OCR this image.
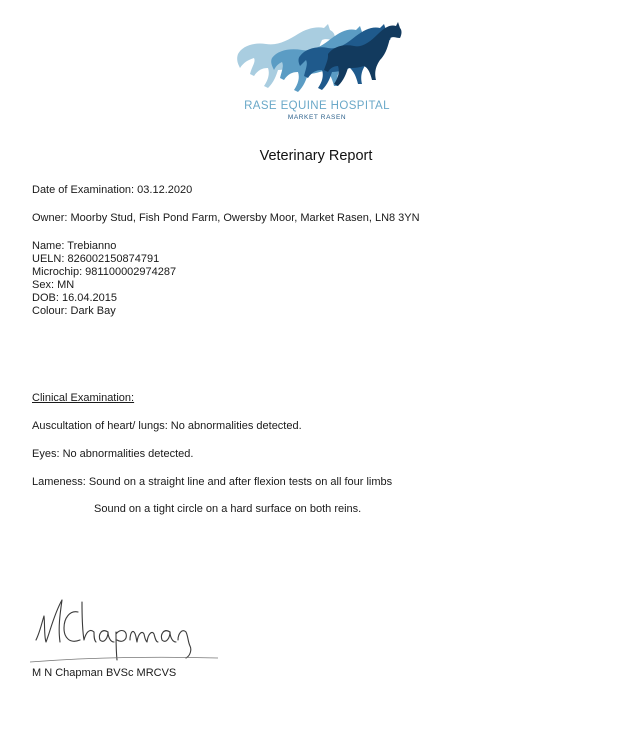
RASE EQUINE HOSPITAL
MARKET RASEN
Veterinary Report
Date of Examination: 03.12.2020
Owner: Moorby Stud, Fish Pond Farm, Owersby Moor, Market Rasen, LN8 3YN
Name: Trebianno
UELN: 826002150874791
Microchip: 981100002974287
Sex: MN
DOB: 16.04.2015
Colour: Dark Bay
Clinical Examination:
Auscultation of heart/ lungs: No abnormalities detected.
Eyes: No abnormalities detected.
Lameness: Sound on a straight line and after flexion tests on all four limbs
Sound on a tight circle on a hard surface on both reins.
M N Chapman BVSc MRCVS
